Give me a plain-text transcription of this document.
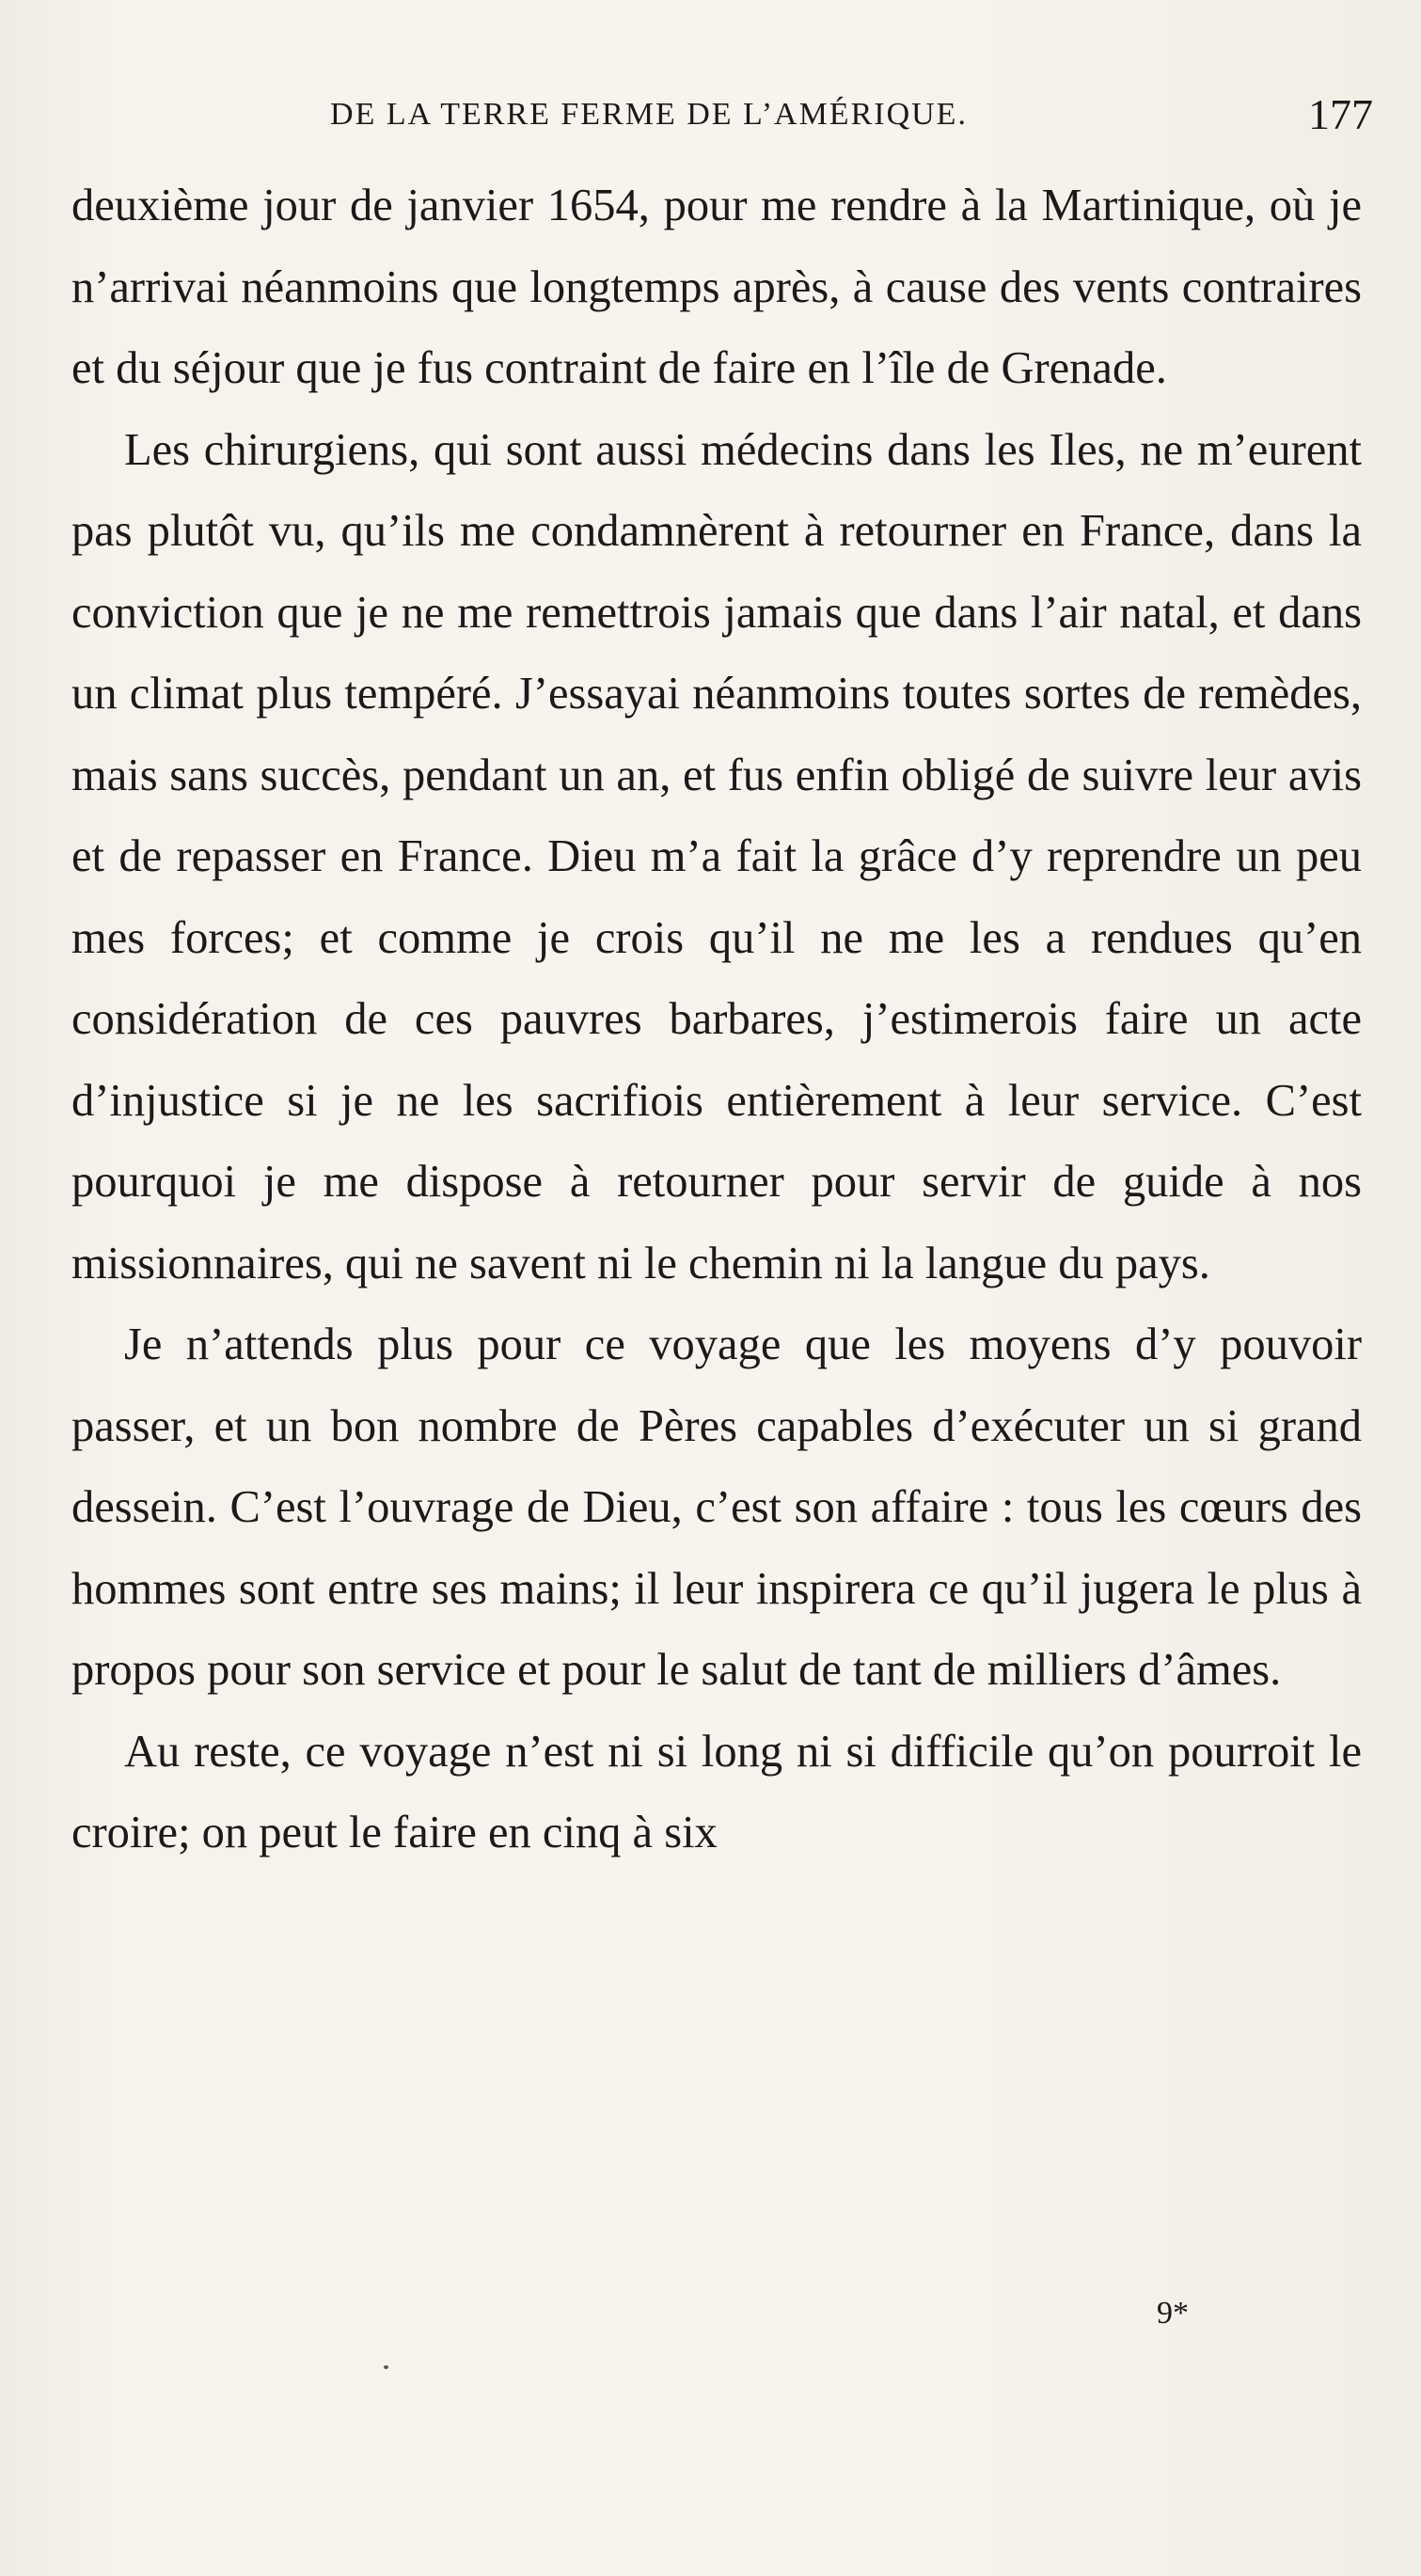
DE LA TERRE FERME DE L’AMÉRIQUE.	177

deuxième jour de janvier 1654, pour me rendre à la Martinique, où je n’arrivai néanmoins que longtemps après, à cause des vents contraires et du séjour que je fus contraint de faire en l’île de Grenade.

Les chirurgiens, qui sont aussi médecins dans les Iles, ne m’eurent pas plutôt vu, qu’ils me condamnèrent à retourner en France, dans la conviction que je ne me remettrois jamais que dans l’air natal, et dans un climat plus tempéré. J’essayai néanmoins toutes sortes de remèdes, mais sans succès, pendant un an, et fus enfin obligé de suivre leur avis et de repasser en France. Dieu m’a fait la grâce d’y reprendre un peu mes forces; et comme je crois qu’il ne me les a rendues qu’en considération de ces pauvres barbares, j’estimerois faire un acte d’injustice si je ne les sacrifiois entièrement à leur service. C’est pourquoi je me dispose à retourner pour servir de guide à nos missionnaires, qui ne savent ni le chemin ni la langue du pays.

Je n’attends plus pour ce voyage que les moyens d’y pouvoir passer, et un bon nombre de Pères capables d’exécuter un si grand dessein. C’est l’ouvrage de Dieu, c’est son affaire : tous les cœurs des hommes sont entre ses mains; il leur inspirera ce qu’il jugera le plus à propos pour son service et pour le salut de tant de milliers d’âmes.

Au reste, ce voyage n’est ni si long ni si difficile qu’on pourroit le croire; on peut le faire en cinq à six

9*
